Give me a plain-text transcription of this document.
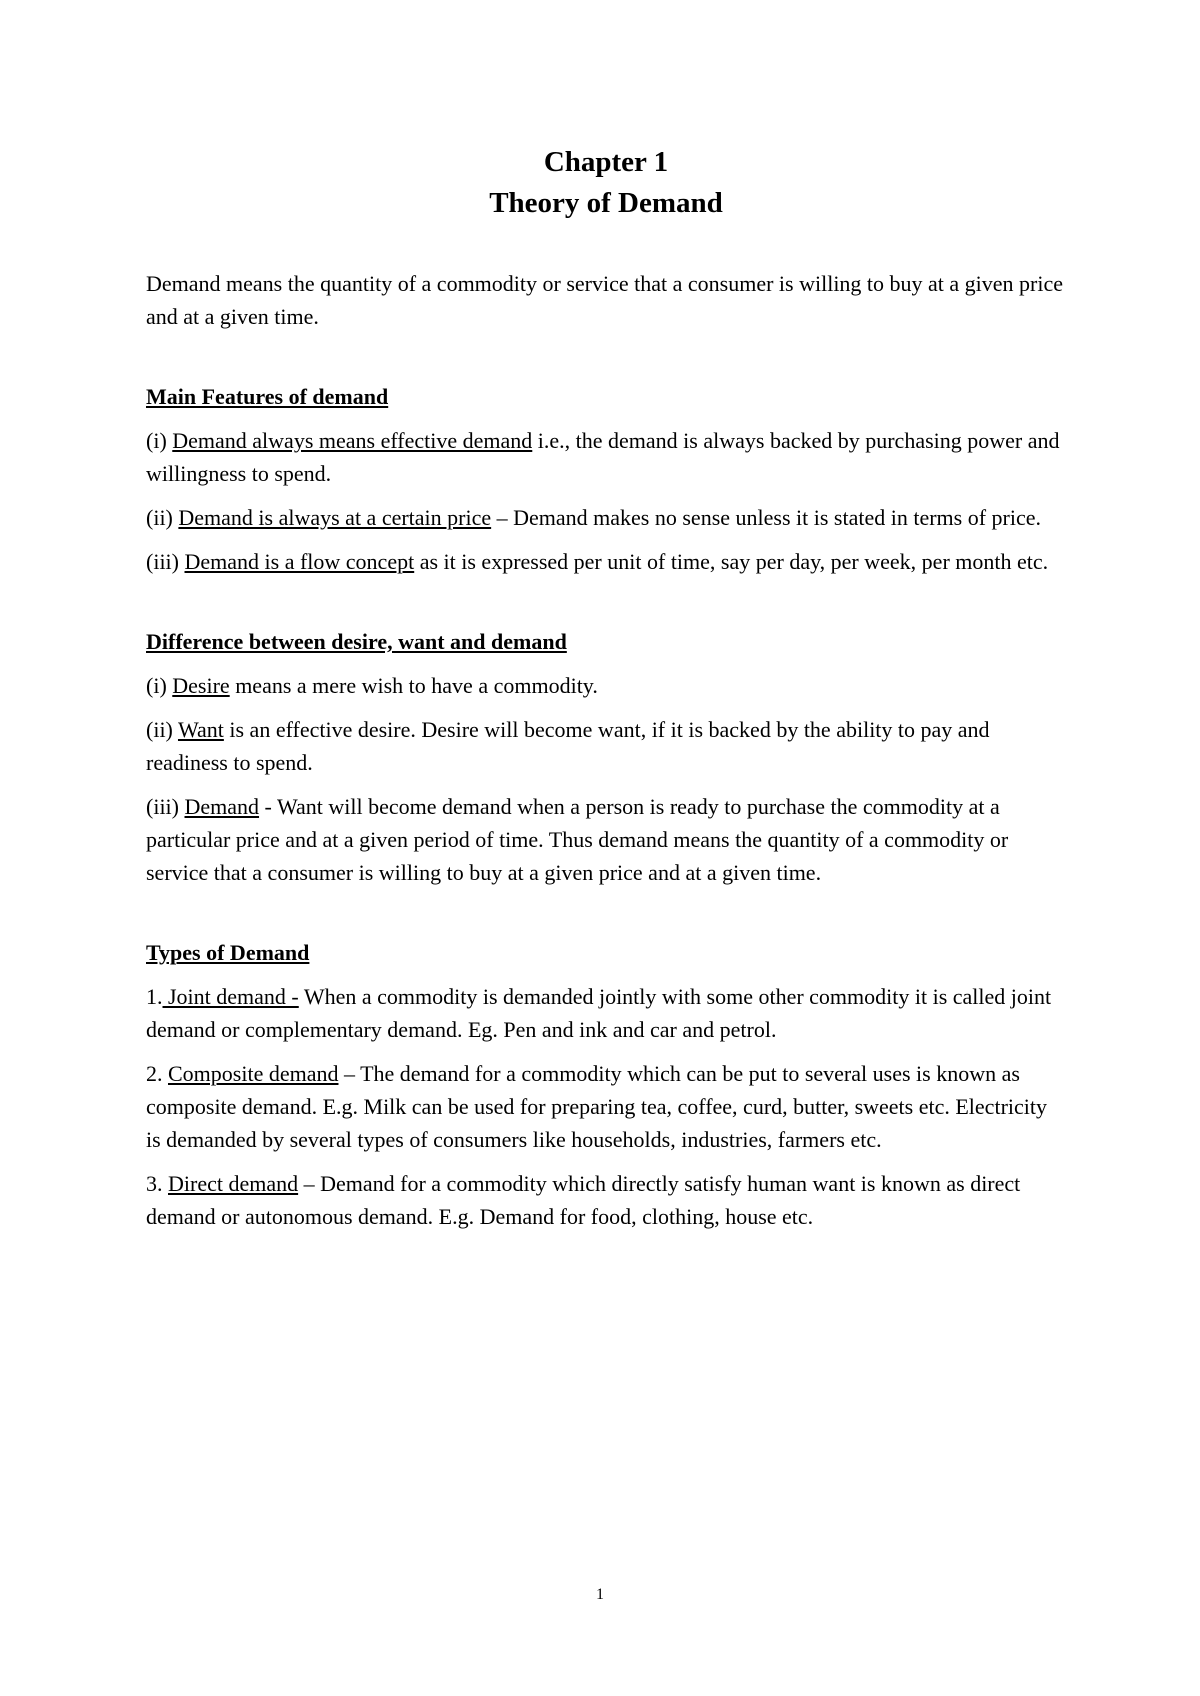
Chapter 1
Theory of Demand

Demand means the quantity of a commodity or service that a consumer is willing to buy at a given price and at a given time.

Main Features of demand

(i) Demand always means effective demand i.e., the demand is always backed by purchasing power and willingness to spend.

(ii) Demand is always at a certain price – Demand makes no sense unless it is stated in terms of price.

(iii) Demand is a flow concept as it is expressed per unit of time, say per day, per week, per month etc.

Difference between desire, want and demand

(i) Desire means a mere wish to have a commodity.

(ii) Want is an effective desire. Desire will become want, if it is backed by the ability to pay and readiness to spend.

(iii) Demand - Want will become demand when a person is ready to purchase the commodity at a particular price and at a given period of time. Thus demand means the quantity of a commodity or service that a consumer is willing to buy at a given price and at a given time.

Types of Demand

1. Joint demand - When a commodity is demanded jointly with some other commodity it is called joint demand or complementary demand. Eg. Pen and ink and car and petrol.

2. Composite demand – The demand for a commodity which can be put to several uses is known as composite demand. E.g. Milk can be used for preparing tea, coffee, curd, butter, sweets etc. Electricity is demanded by several types of consumers like households, industries, farmers etc.

3. Direct demand – Demand for a commodity which directly satisfy human want is known as direct demand or autonomous demand. E.g. Demand for food, clothing, house etc.

1
